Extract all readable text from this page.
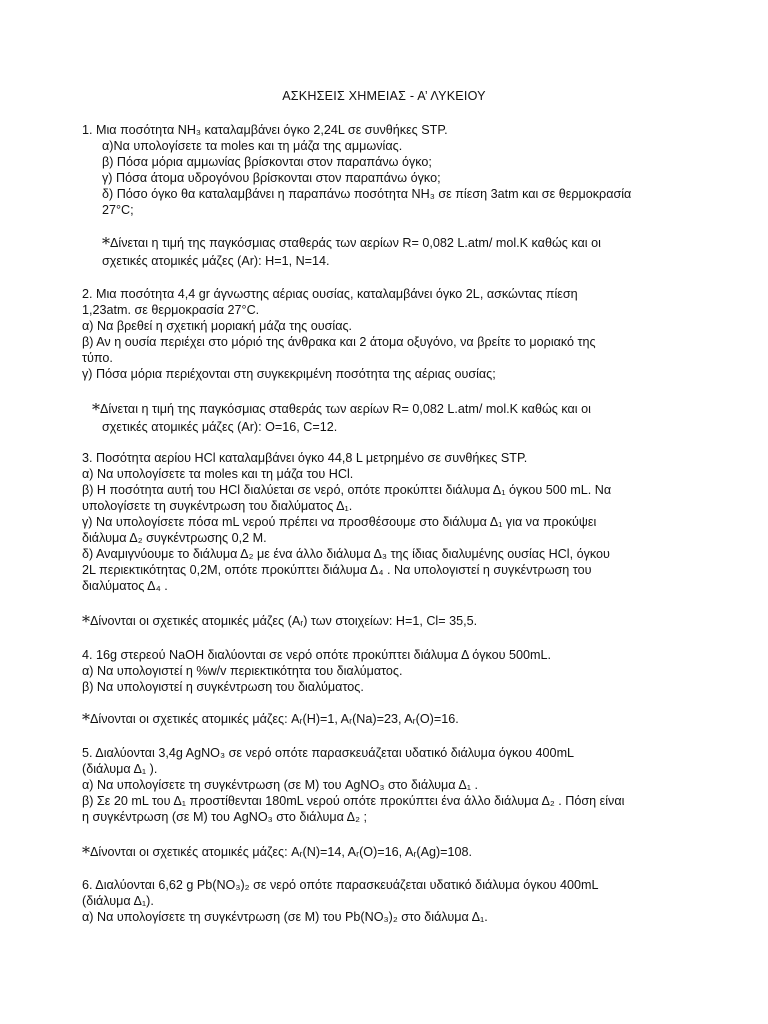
ΑΣΚΗΣΕΙΣ ΧΗΜΕΙΑΣ - Α’ ΛΥΚΕΙΟΥ
1. Μια ποσότητα NH₃ καταλαμβάνει όγκο 2,24L σε συνθήκες STP.
α)Να υπολογίσετε τα moles και τη μάζα της αμμωνίας.
β) Πόσα μόρια αμμωνίας βρίσκονται στον παραπάνω όγκο;
γ) Πόσα άτομα υδρογόνου βρίσκονται στον παραπάνω όγκο;
δ) Πόσο όγκο θα καταλαμβάνει η παραπάνω ποσότητα NH₃ σε πίεση 3atm και σε θερμοκρασία
27°C;
*Δίνεται η τιμή της παγκόσμιας σταθεράς των αερίων R= 0,082 L.atm/ mol.K καθώς και οι
σχετικές ατομικές μάζες (Ar): H=1, N=14.
2. Μια ποσότητα 4,4 gr άγνωστης αέριας ουσίας, καταλαμβάνει όγκο 2L, ασκώντας πίεση
1,23atm. σε θερμοκρασία 27°C.
α) Να βρεθεί η σχετική μοριακή μάζα της ουσίας.
β) Αν η ουσία περιέχει στο μόριό της άνθρακα και 2 άτομα οξυγόνο, να βρείτε το μοριακό της
τύπο.
γ) Πόσα μόρια περιέχονται στη συγκεκριμένη ποσότητα της αέριας ουσίας;
*Δίνεται η τιμή της παγκόσμιας σταθεράς των αερίων R= 0,082 L.atm/ mol.K καθώς και οι
σχετικές ατομικές μάζες (Ar): O=16, C=12.
3. Ποσότητα αερίου HCl καταλαμβάνει όγκο 44,8 L μετρημένο σε συνθήκες STP.
α) Να υπολογίσετε τα moles και τη μάζα του HCl.
β) Η ποσότητα αυτή του HCl διαλύεται σε νερό, οπότε προκύπτει διάλυμα Δ₁ όγκου 500 mL. Να
υπολογίσετε τη συγκέντρωση του διαλύματος Δ₁.
γ) Να υπολογίσετε πόσα mL νερού πρέπει να προσθέσουμε στο διάλυμα Δ₁ για να προκύψει
διάλυμα Δ₂ συγκέντρωσης 0,2 M.
δ) Αναμιγνύουμε το διάλυμα Δ₂ με ένα άλλο διάλυμα Δ₃ της ίδιας διαλυμένης ουσίας HCl, όγκου
2L περιεκτικότητας 0,2M, οπότε προκύπτει διάλυμα Δ₄ . Να υπολογιστεί η συγκέντρωση του
διαλύματος Δ₄ .
*Δίνονται οι σχετικές ατομικές μάζες (Aᵣ) των στοιχείων: H=1, Cl= 35,5.
4. 16g στερεού NaOH διαλύονται σε νερό οπότε προκύπτει διάλυμα Δ όγκου 500mL.
α) Να υπολογιστεί η %w/v περιεκτικότητα του διαλύματος.
β) Να υπολογιστεί η συγκέντρωση του διαλύματος.
*Δίνονται οι σχετικές ατομικές μάζες: Aᵣ(H)=1, Aᵣ(Na)=23, Aᵣ(O)=16.
5. Διαλύονται 3,4g AgNO₃ σε νερό οπότε παρασκευάζεται υδατικό διάλυμα όγκου 400mL
(διάλυμα Δ₁ ).
α) Να υπολογίσετε τη συγκέντρωση (σε M) του AgNO₃ στο διάλυμα Δ₁ .
β) Σε 20 mL του Δ₁ προστίθενται 180mL νερού οπότε προκύπτει ένα άλλο διάλυμα Δ₂ . Πόση είναι
η συγκέντρωση (σε M) του AgNO₃ στο διάλυμα Δ₂ ;
*Δίνονται οι σχετικές ατομικές μάζες: Aᵣ(N)=14, Aᵣ(O)=16, Aᵣ(Ag)=108.
6. Διαλύονται 6,62 g Pb(NO₃)₂ σε νερό οπότε παρασκευάζεται υδατικό διάλυμα όγκου 400mL
(διάλυμα Δ₁).
α) Να υπολογίσετε τη συγκέντρωση (σε M) του Pb(NO₃)₂ στο διάλυμα Δ₁.
